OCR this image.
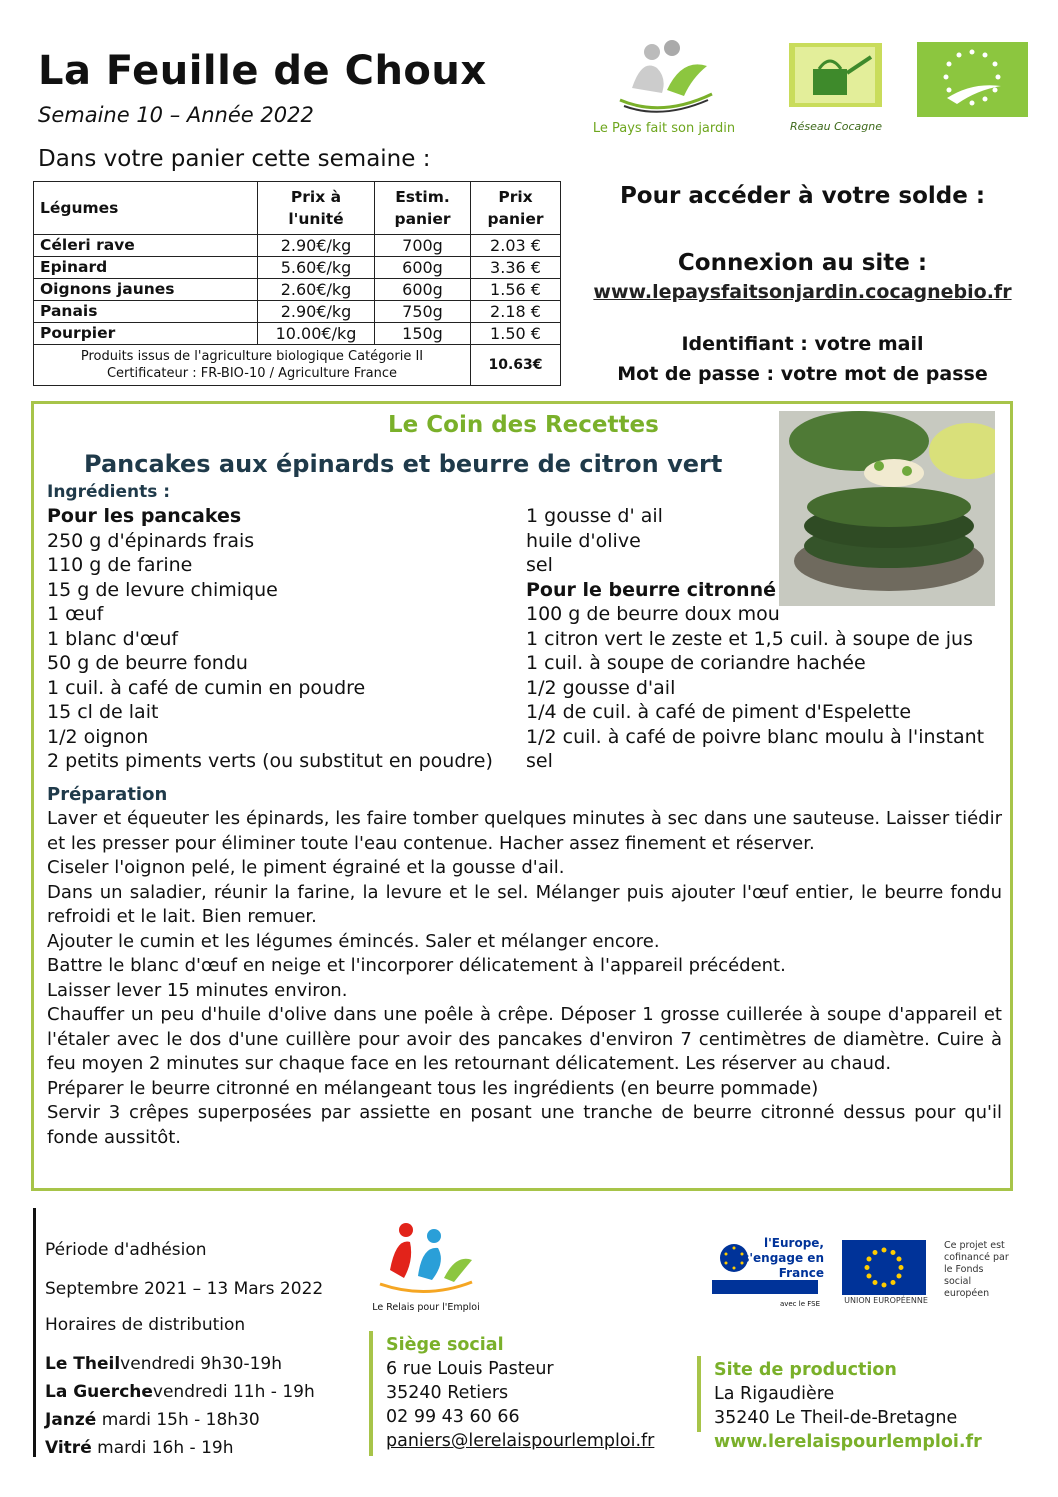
La Feuille de Choux
Semaine 10 – Année 2022
Dans votre panier cette semaine :
Le Pays fait son jardin	Réseau Cocagne
Légumes	Prix à l'unité	Estim. panier	Prix panier
Céleri rave	2.90€/kg	700g	2.03 €
Epinard	5.60€/kg	600g	3.36 €
Oignons jaunes	2.60€/kg	600g	1.56 €
Panais	2.90€/kg	750g	2.18 €
Pourpier	10.00€/kg	150g	1.50 €

Produits issus de l'agriculture biologique Catégorie II
Certificateur : FR-BIO-10 / Agriculture France			10.63€
Pour accéder à votre solde :
Connexion au site :
www.lepaysfaitsonjardin.cocagnebio.fr
Identifiant : votre mail
Mot de passe : votre mot de passe
Le Coin des Recettes
Pancakes aux épinards et beurre de citron vert
Ingrédients :
Pour les pancakes
250 g d'épinards frais
110 g de farine
15 g de levure chimique
1 œuf
1 blanc d'œuf
50 g de beurre fondu
1 cuil. à café de cumin en poudre
15 cl de lait
1/2 oignon
2 petits piments verts (ou substitut en poudre)
1 gousse d' ail
huile d'olive
sel
Pour le beurre citronné
100 g de beurre doux mou
1 citron vert le zeste et 1,5 cuil. à soupe de jus
1 cuil. à soupe de coriandre hachée
1/2 gousse d'ail
1/4 de cuil. à café de piment d'Espelette
1/2 cuil. à café de poivre blanc moulu à l'instant
sel
Préparation

Laver et équeuter les épinards, les faire tomber quelques minutes à sec dans une sauteuse. Laisser tiédir et les presser pour éliminer toute l'eau contenue. Hacher assez finement et réserver.

Ciseler l'oignon pelé, le piment égrainé et la gousse d'ail.

Dans un saladier, réunir la farine, la levure et le sel. Mélanger puis ajouter l'œuf entier, le beurre fondu refroidi et le lait. Bien remuer.

Ajouter le cumin et les légumes émincés. Saler et mélanger encore.

Battre le blanc d'œuf en neige et l'incorporer délicatement à l'appareil précédent.

Laisser lever 15 minutes environ.

Chauffer un peu d'huile d'olive dans une poêle à crêpe. Déposer 1 grosse cuillerée à soupe d'appareil et l'étaler avec le dos d'une cuillère pour avoir des pancakes d'environ 7 centimètres de diamètre. Cuire à feu moyen 2 minutes sur chaque face en les retournant délicatement. Les réserver au chaud.

Préparer le beurre citronné en mélangeant tous les ingrédients (en beurre pommade)

Servir 3 crêpes superposées par assiette en posant une tranche de beurre citronné dessus pour qu'il fonde aussitôt.

Période d'adhésion
Septembre 2021 – 13 Mars 2022
Horaires de distribution
Le Theilvendredi 9h30-19h
La Guerchevendredi 11h - 19h
Janzé mardi 15h - 18h30
Vitré mardi 16h - 19h
Le Relais pour l'Emploi
Siège social
6 rue Louis Pasteur
35240 Retiers
02 99 43 60 66
paniers@lerelaispourlemploi.fr
Site de production
La Rigaudière
35240 Le Theil-de-Bretagne
www.lerelaispourlemploi.fr
l'Europe, s'engage en France
avec le FSE	UNION EUROPÉENNE
Ce projet est cofinancé par le Fonds social européen
